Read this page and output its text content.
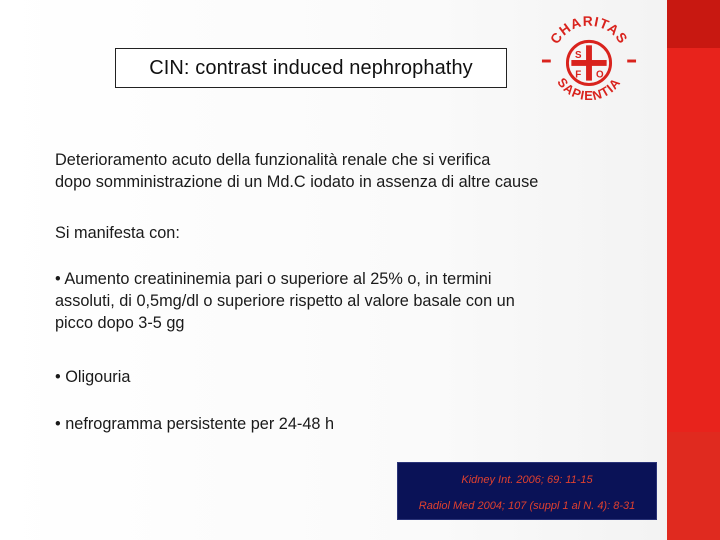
CIN: contrast induced nephrophathy
CHARITAS
SAPIENTIA
S
F O
Deterioramento acuto della funzionalità renale che si verifica
dopo somministrazione di un Md.C iodato in assenza di altre cause
Si manifesta con:
• Aumento creatininemia pari o superiore al 25% o, in termini
assoluti, di 0,5mg/dl o superiore rispetto al valore basale con un
picco dopo 3-5 gg
• Oligouria
• nefrogramma persistente per 24-48 h
Kidney Int. 2006; 69: 11-15
Radiol Med 2004; 107 (suppl 1 al N. 4): 8-31
